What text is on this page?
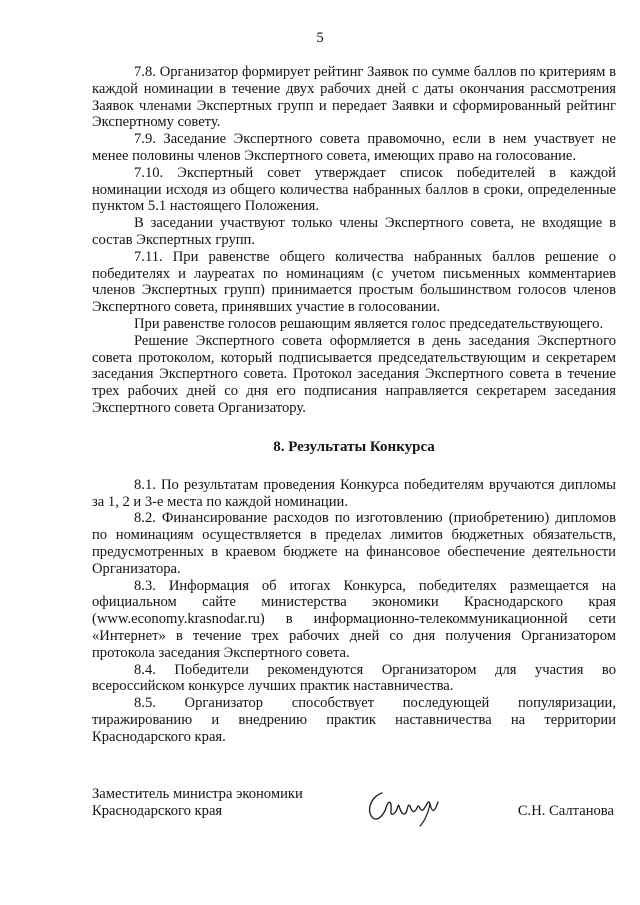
5

7.8. Организатор формирует рейтинг Заявок по сумме баллов по критериям в каждой номинации в течение двух рабочих дней с даты окончания рассмотрения Заявок членами Экспертных групп и передает Заявки и сформированный рейтинг Экспертному совету.

7.9. Заседание Экспертного совета правомочно, если в нем участвует не менее половины членов Экспертного совета, имеющих право на голосование.

7.10. Экспертный совет утверждает список победителей в каждой номинации исходя из общего количества набранных баллов в сроки, определенные пунктом 5.1 настоящего Положения.

В заседании участвуют только члены Экспертного совета, не входящие в состав Экспертных групп.

7.11. При равенстве общего количества набранных баллов решение о победителях и лауреатах по номинациям (с учетом письменных комментариев членов Экспертных групп) принимается простым большинством голосов членов Экспертного совета, принявших участие в голосовании.

При равенстве голосов решающим является голос председательствующего.

Решение Экспертного совета оформляется в день заседания Экспертного совета протоколом, который подписывается председательствующим и секретарем заседания Экспертного совета. Протокол заседания Экспертного совета в течение трех рабочих дней со дня его подписания направляется секретарем заседания Экспертного совета Организатору.

8. Результаты Конкурса

8.1. По результатам проведения Конкурса победителям вручаются дипломы за 1, 2 и 3-е места по каждой номинации.

8.2. Финансирование расходов по изготовлению (приобретению) дипломов по номинациям осуществляется в пределах лимитов бюджетных обязательств, предусмотренных в краевом бюджете на финансовое обеспечение деятельности Организатора.

8.3. Информация об итогах Конкурса, победителях размещается на официальном сайте министерства экономики Краснодарского края (www.economy.krasnodar.ru) в информационно-телекоммуникационной сети «Интернет» в течение трех рабочих дней со дня получения Организатором протокола заседания Экспертного совета.

8.4. Победители рекомендуются Организатором для участия во всероссийском конкурсе лучших практик наставничества.

8.5. Организатор способствует последующей популяризации, тиражированию и внедрению практик наставничества на территории Краснодарского края.

Заместитель министра экономики
Краснодарского края	С.Н. Салтанова
